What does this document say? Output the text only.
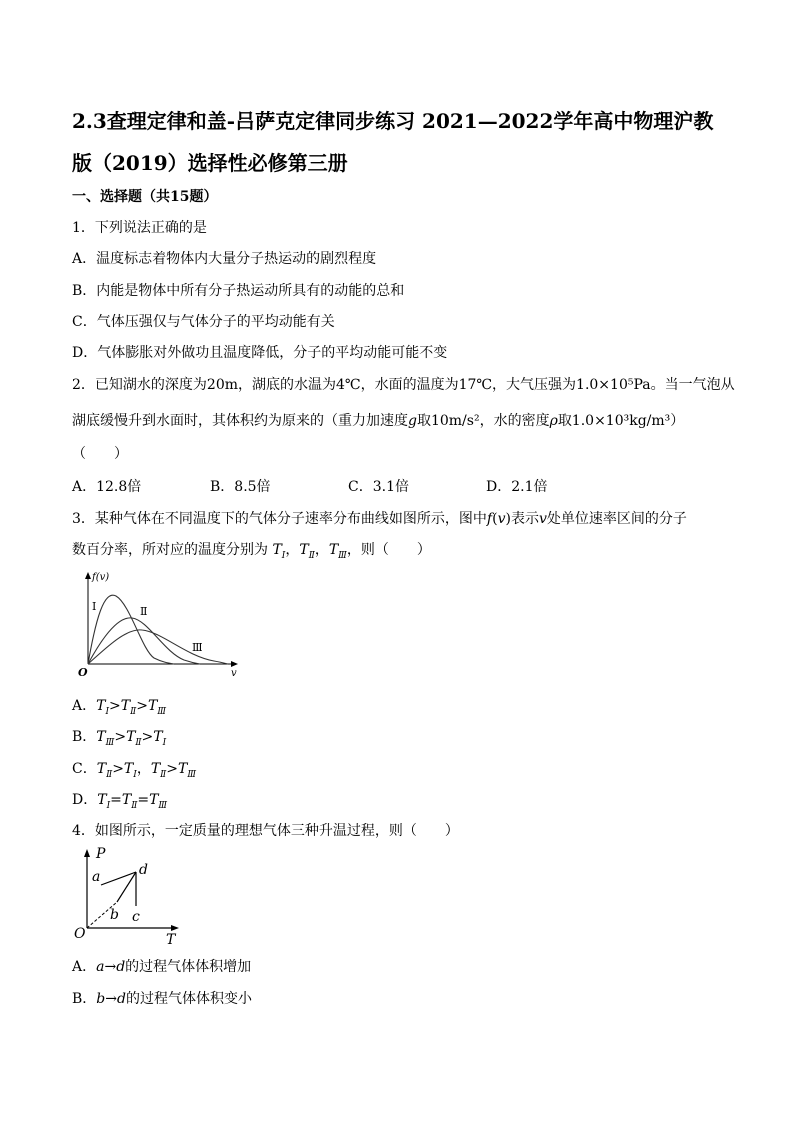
2.3查理定律和盖-吕萨克定律同步练习 2021—2022学年高中物理沪教版（2019）选择性必修第三册
一、选择题（共15题）
1．下列说法正确的是
A．温度标志着物体内大量分子热运动的剧烈程度
B．内能是物体中所有分子热运动所具有的动能的总和
C．气体压强仅与气体分子的平均动能有关
D．气体膨胀对外做功且温度降低，分子的平均动能可能不变
2．已知湖水的深度为20m，湖底的水温为4℃，水面的温度为17℃，大气压强为1.0×10⁵Pa。当一气泡从
湖底缓慢升到水面时，其体积约为原来的（重力加速度g取10m/s²，水的密度ρ取1.0×10³kg/m³）
（　　）
A．12.8倍	B．8.5倍	C．3.1倍	D．2.1倍
3．某种气体在不同温度下的气体分子速率分布曲线如图所示，图中f(v)表示v处单位速率区间的分子
数百分率，所对应的温度分别为 $T_Ⅰ$，$T_Ⅱ$，$T_Ⅲ$，则（　　）
f(v)
Ⅰ	Ⅱ
Ⅲ
O	v
A．$T_Ⅰ>T_Ⅱ>T_Ⅲ$
B．$T_Ⅲ>T_Ⅱ>T_Ⅰ$
C．$T_Ⅱ>T_Ⅰ$，$T_Ⅱ>T_Ⅲ$
D．$T_Ⅰ=T_Ⅱ=T_Ⅲ$
4．如图所示，一定质量的理想气体三种升温过程，则（　　）
P
a	d
b c
O	T
A．a→d的过程气体体积增加
B．b→d的过程气体体积变小
